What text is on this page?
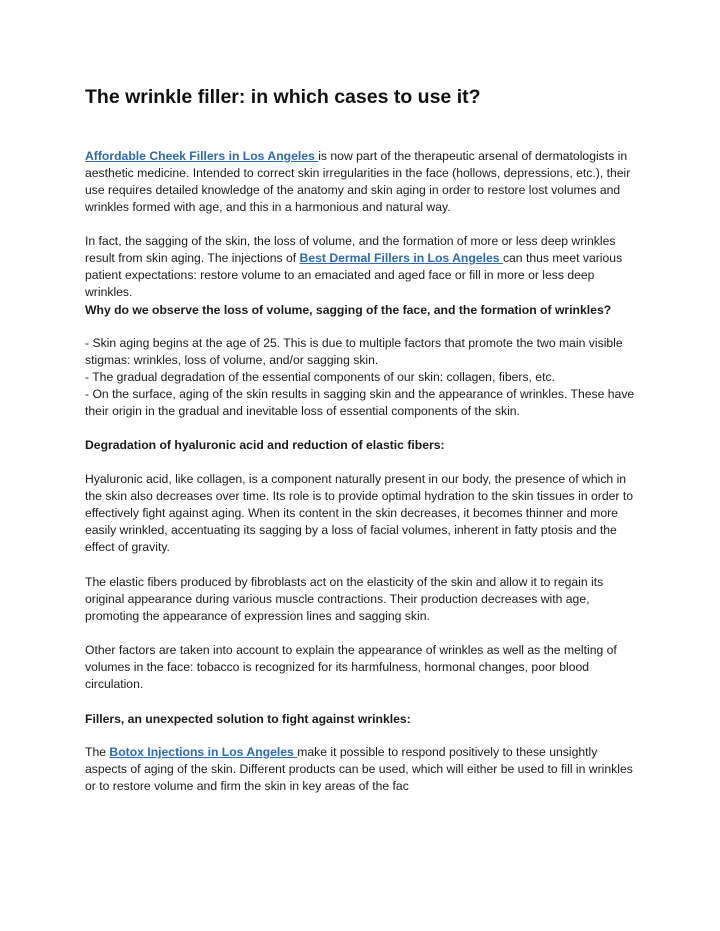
The wrinkle filler: in which cases to use it?

Affordable Cheek Fillers in Los Angeles is now part of the therapeutic arsenal of dermatologists in aesthetic medicine. Intended to correct skin irregularities in the face (hollows, depressions, etc.), their use requires detailed knowledge of the anatomy and skin aging in order to restore lost volumes and wrinkles formed with age, and this in a harmonious and natural way.

In fact, the sagging of the skin, the loss of volume, and the formation of more or less deep wrinkles result from skin aging. The injections of Best Dermal Fillers in Los Angeles can thus meet various patient expectations: restore volume to an emaciated and aged face or fill in more or less deep wrinkles.

Why do we observe the loss of volume, sagging of the face, and the formation of wrinkles?

- Skin aging begins at the age of 25. This is due to multiple factors that promote the two main visible stigmas: wrinkles, loss of volume, and/or sagging skin.
- The gradual degradation of the essential components of our skin: collagen, fibers, etc.
- On the surface, aging of the skin results in sagging skin and the appearance of wrinkles. These have their origin in the gradual and inevitable loss of essential components of the skin.

Degradation of hyaluronic acid and reduction of elastic fibers:

Hyaluronic acid, like collagen, is a component naturally present in our body, the presence of which in the skin also decreases over time. Its role is to provide optimal hydration to the skin tissues in order to effectively fight against aging. When its content in the skin decreases, it becomes thinner and more easily wrinkled, accentuating its sagging by a loss of facial volumes, inherent in fatty ptosis and the effect of gravity.

The elastic fibers produced by fibroblasts act on the elasticity of the skin and allow it to regain its original appearance during various muscle contractions. Their production decreases with age, promoting the appearance of expression lines and sagging skin.

Other factors are taken into account to explain the appearance of wrinkles as well as the melting of volumes in the face: tobacco is recognized for its harmfulness, hormonal changes, poor blood circulation.

Fillers, an unexpected solution to fight against wrinkles:

The Botox Injections in Los Angeles make it possible to respond positively to these unsightly aspects of aging of the skin. Different products can be used, which will either be used to fill in wrinkles or to restore volume and firm the skin in key areas of the fac
